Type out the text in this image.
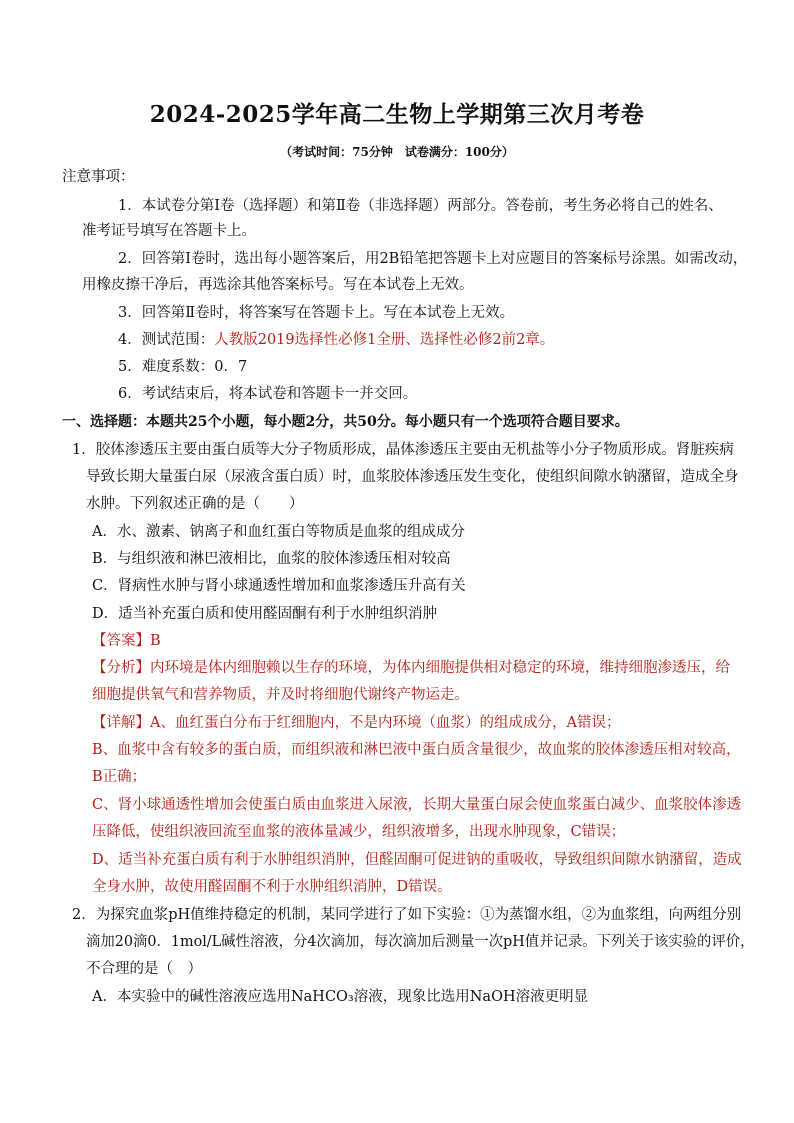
2024-2025学年高二生物上学期第三次月考卷
（考试时间：75分钟　试卷满分：100分）
注意事项：
1．本试卷分第Ⅰ卷（选择题）和第Ⅱ卷（非选择题）两部分。答卷前，考生务必将自己的姓名、
准考证号填写在答题卡上。
2．回答第Ⅰ卷时，选出每小题答案后，用2B铅笔把答题卡上对应题目的答案标号涂黑。如需改动，
用橡皮擦干净后，再选涂其他答案标号。写在本试卷上无效。
3．回答第Ⅱ卷时，将答案写在答题卡上。写在本试卷上无效。
4．测试范围：人教版2019选择性必修1全册、选择性必修2前2章。
5．难度系数：0．7
6．考试结束后，将本试卷和答题卡一并交回。
一、选择题：本题共25个小题，每小题2分，共50分。每小题只有一个选项符合题目要求。
1．胶体渗透压主要由蛋白质等大分子物质形成，晶体渗透压主要由无机盐等小分子物质形成。肾脏疾病
导致长期大量蛋白尿（尿液含蛋白质）时，血浆胶体渗透压发生变化，使组织间隙水钠潴留，造成全身
水肿。下列叙述正确的是（　　）
A．水、激素、钠离子和血红蛋白等物质是血浆的组成成分
B．与组织液和淋巴液相比，血浆的胶体渗透压相对较高
C．肾病性水肿与肾小球通透性增加和血浆渗透压升高有关
D．适当补充蛋白质和使用醛固酮有利于水肿组织消肿
【答案】B
【分析】内环境是体内细胞赖以生存的环境，为体内细胞提供相对稳定的环境，维持细胞渗透压，给
细胞提供氧气和营养物质，并及时将细胞代谢终产物运走。
【详解】A、血红蛋白分布于红细胞内，不是内环境（血浆）的组成成分，A错误；
B、血浆中含有较多的蛋白质，而组织液和淋巴液中蛋白质含量很少，故血浆的胶体渗透压相对较高，
B正确；
C、肾小球通透性增加会使蛋白质由血浆进入尿液，长期大量蛋白尿会使血浆蛋白减少、血浆胶体渗透
压降低，使组织液回流至血浆的液体量减少，组织液增多，出现水肿现象，C错误；
D、适当补充蛋白质有利于水肿组织消肿，但醛固酮可促进钠的重吸收，导致组织间隙水钠潴留，造成
全身水肿，故使用醛固酮不利于水肿组织消肿，D错误。
2．为探究血浆pH值维持稳定的机制，某同学进行了如下实验：①为蒸馏水组，②为血浆组，向两组分别
滴加20滴0．1mol/L碱性溶液，分4次滴加，每次滴加后测量一次pH值并记录。下列关于该实验的评价，
不合理的是（　）
A．本实验中的碱性溶液应选用NaHCO₃溶液，现象比选用NaOH溶液更明显
